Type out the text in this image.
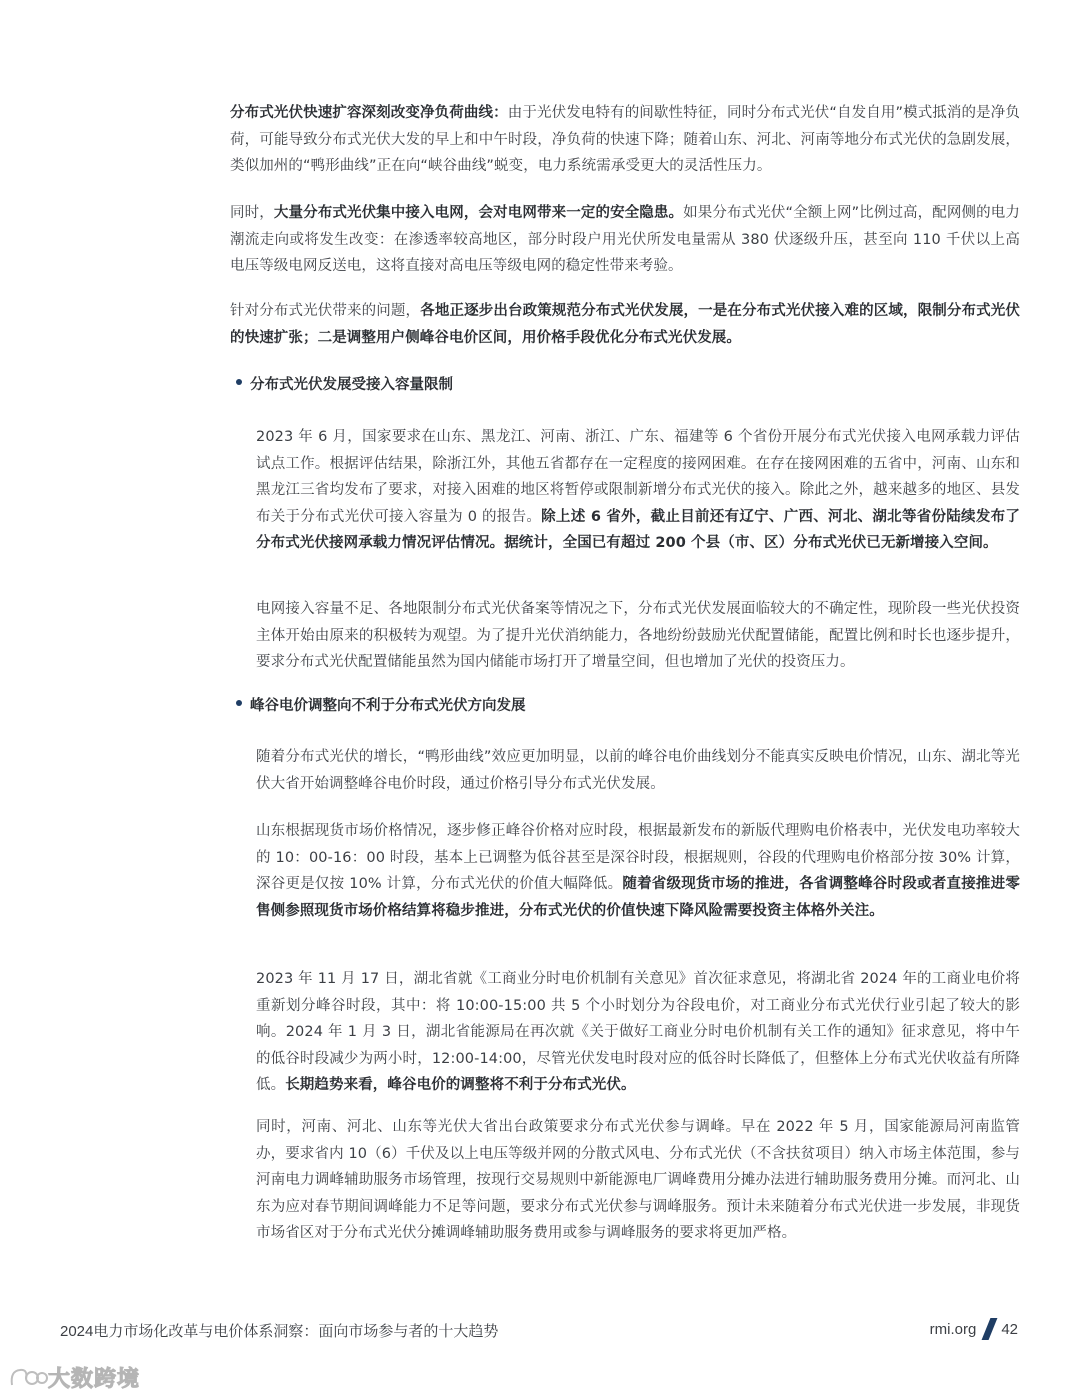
分布式光伏快速扩容深刻改变净负荷曲线：由于光伏发电特有的间歇性特征，同时分布式光伏“自发自用”模式抵消的是净负荷，可能导致分布式光伏大发的早上和中午时段，净负荷的快速下降；随着山东、河北、河南等地分布式光伏的急剧发展，类似加州的“鸭形曲线”正在向“峡谷曲线”蜕变，电力系统需承受更大的灵活性压力。
同时，大量分布式光伏集中接入电网，会对电网带来一定的安全隐患。如果分布式光伏“全额上网”比例过高，配网侧的电力潮流走向或将发生改变：在渗透率较高地区，部分时段户用光伏所发电量需从 380 伏逐级升压，甚至向 110 千伏以上高电压等级电网反送电，这将直接对高电压等级电网的稳定性带来考验。
针对分布式光伏带来的问题，各地正逐步出台政策规范分布式光伏发展，一是在分布式光伏接入难的区域，限制分布式光伏的快速扩张；二是调整用户侧峰谷电价区间，用价格手段优化分布式光伏发展。
分布式光伏发展受接入容量限制
2023 年 6 月，国家要求在山东、黑龙江、河南、浙江、广东、福建等 6 个省份开展分布式光伏接入电网承载力评估试点工作。根据评估结果，除浙江外，其他五省都存在一定程度的接网困难。在存在接网困难的五省中，河南、山东和黑龙江三省均发布了要求，对接入困难的地区将暂停或限制新增分布式光伏的接入。除此之外，越来越多的地区、县发布关于分布式光伏可接入容量为 0 的报告。除上述 6 省外，截止目前还有辽宁、广西、河北、湖北等省份陆续发布了分布式光伏接网承载力情况评估情况。据统计，全国已有超过 200 个县（市、区）分布式光伏已无新增接入空间。
电网接入容量不足、各地限制分布式光伏备案等情况之下，分布式光伏发展面临较大的不确定性，现阶段一些光伏投资主体开始由原来的积极转为观望。为了提升光伏消纳能力，各地纷纷鼓励光伏配置储能，配置比例和时长也逐步提升，要求分布式光伏配置储能虽然为国内储能市场打开了增量空间，但也增加了光伏的投资压力。
峰谷电价调整向不利于分布式光伏方向发展
随着分布式光伏的增长，“鸭形曲线”效应更加明显，以前的峰谷电价曲线划分不能真实反映电价情况，山东、湖北等光伏大省开始调整峰谷电价时段，通过价格引导分布式光伏发展。
山东根据现货市场价格情况，逐步修正峰谷价格对应时段，根据最新发布的新版代理购电价格表中，光伏发电功率较大的 10：00-16：00 时段，基本上已调整为低谷甚至是深谷时段，根据规则，谷段的代理购电价格部分按 30% 计算，深谷更是仅按 10% 计算，分布式光伏的价值大幅降低。随着省级现货市场的推进，各省调整峰谷时段或者直接推进零售侧参照现货市场价格结算将稳步推进，分布式光伏的价值快速下降风险需要投资主体格外关注。
2023 年 11 月 17 日，湖北省就《工商业分时电价机制有关意见》首次征求意见，将湖北省 2024 年的工商业电价将重新划分峰谷时段，其中：将 10:00-15:00 共 5 个小时划分为谷段电价，对工商业分布式光伏行业引起了较大的影响。2024 年 1 月 3 日，湖北省能源局在再次就《关于做好工商业分时电价机制有关工作的通知》征求意见，将中午的低谷时段减少为两小时，12:00-14:00，尽管光伏发电时段对应的低谷时长降低了，但整体上分布式光伏收益有所降低。长期趋势来看，峰谷电价的调整将不利于分布式光伏。
同时，河南、河北、山东等光伏大省出台政策要求分布式光伏参与调峰。早在 2022 年 5 月，国家能源局河南监管办，要求省内 10（6）千伏及以上电压等级并网的分散式风电、分布式光伏（不含扶贫项目）纳入市场主体范围，参与河南电力调峰辅助服务市场管理，按现行交易规则中新能源电厂调峰费用分摊办法进行辅助服务费用分摊。而河北、山东为应对春节期间调峰能力不足等问题，要求分布式光伏参与调峰服务。预计未来随着分布式光伏进一步发展，非现货市场省区对于分布式光伏分摊调峰辅助服务费用或参与调峰服务的要求将更加严格。
2024电力市场化改革与电价体系洞察：面向市场参与者的十大趋势	rmi.org 42
大数跨境
